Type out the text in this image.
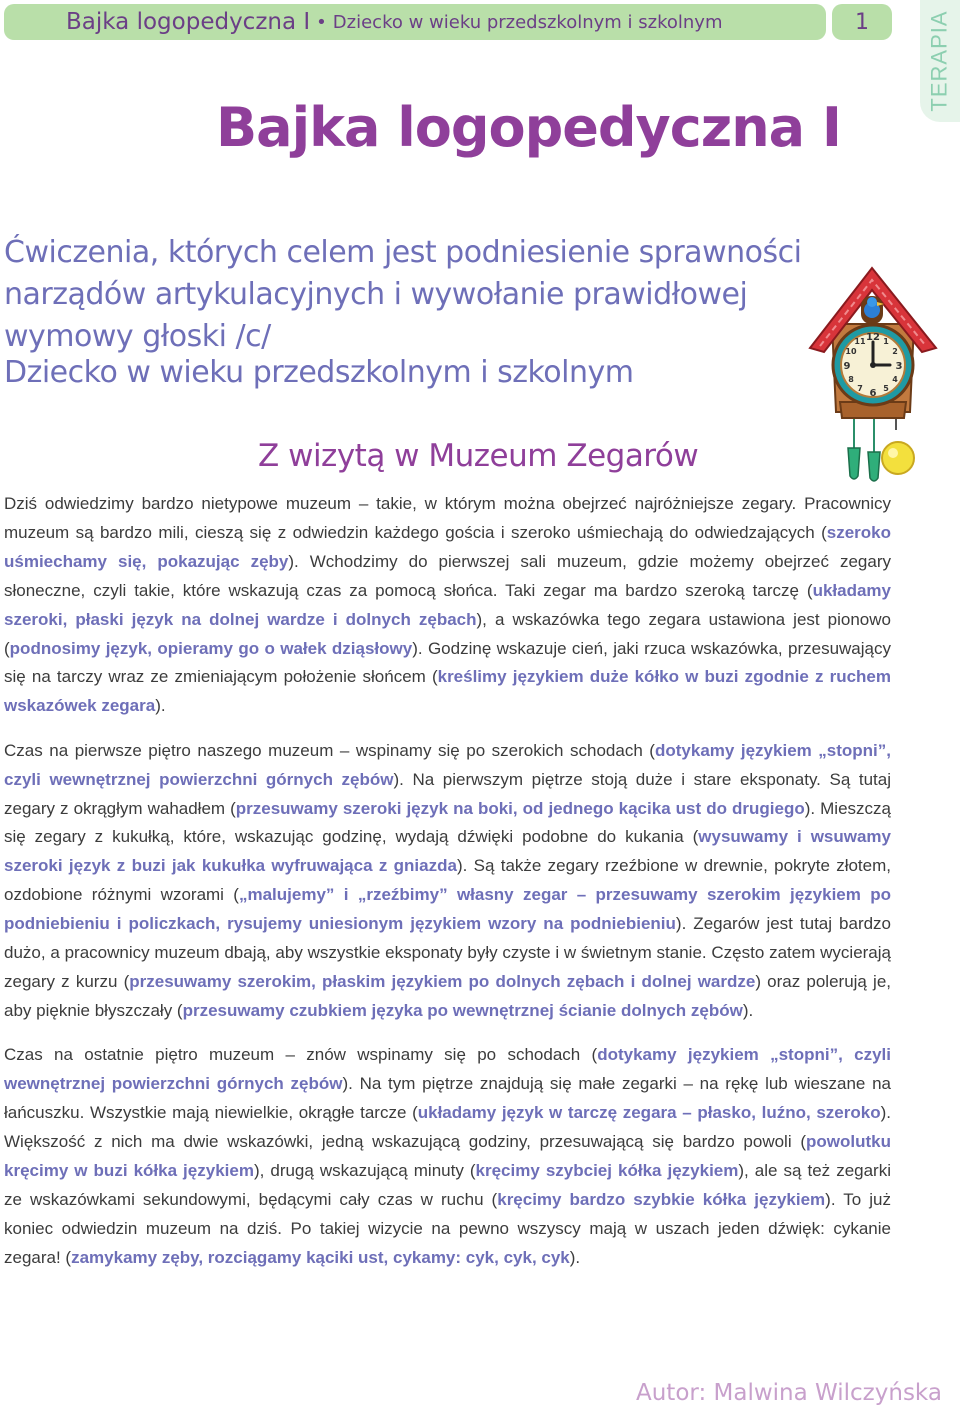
Bajka logopedyczna I • Dziecko w wieku przedszkolnym i szkolnym	1	TERAPIA
Bajka logopedyczna I
Ćwiczenia, których celem jest podniesienie sprawności narządów artykulacyjnych i wywołanie prawidłowej wymowy głoski /c/
Dziecko w wieku przedszkolnym i szkolnym
Z wizytą w Muzeum Zegarów
12 1
2
3
4
5
6
7
8
9
10
11

Dziś odwiedzimy bardzo nietypowe muzeum – takie, w którym można obejrzeć najróżniejsze zegary. Pracownicy muzeum są bardzo mili, cieszą się z odwiedzin każdego gościa i szeroko uśmiechają do odwiedzających (szeroko uśmiechamy się, pokazując zęby). Wchodzimy do pierwszej sali muzeum, gdzie możemy obejrzeć zegary słoneczne, czyli takie, które wskazują czas za pomocą słońca. Taki zegar ma bardzo szeroką tarczę (układamy szeroki, płaski język na dolnej wardze i dolnych zębach), a wskazówka tego zegara ustawiona jest pionowo (podnosimy język, opieramy go o wałek dziąsłowy). Godzinę wskazuje cień, jaki rzuca wskazówka, przesuwający się na tarczy wraz ze zmieniającym położenie słońcem (kreślimy językiem duże kółko w buzi zgodnie z ruchem wskazówek zegara).

Czas na pierwsze piętro naszego muzeum – wspinamy się po szerokich schodach (dotykamy językiem „stopni”, czyli wewnętrznej powierzchni górnych zębów). Na pierwszym piętrze stoją duże i stare eksponaty. Są tutaj zegary z okrągłym wahadłem (przesuwamy szeroki język na boki, od jednego kącika ust do drugiego). Mieszczą się zegary z kukułką, które, wskazując godzinę, wydają dźwięki podobne do kukania (wysuwamy i wsuwamy szeroki język z buzi jak kukułka wyfruwająca z gniazda). Są także zegary rzeźbione w drewnie, pokryte złotem, ozdobione różnymi wzorami („malujemy” i „rzeźbimy” własny zegar – przesuwamy szerokim językiem po podniebieniu i policzkach, rysujemy uniesionym językiem wzory na podniebieniu). Zegarów jest tutaj bardzo dużo, a pracownicy muzeum dbają, aby wszystkie eksponaty były czyste i w świetnym stanie. Często zatem wycierają zegary z kurzu (przesuwamy szerokim, płaskim językiem po dolnych zębach i dolnej wardze) oraz polerują je, aby pięknie błyszczały (przesuwamy czubkiem języka po wewnętrznej ścianie dolnych zębów).

Czas na ostatnie piętro muzeum – znów wspinamy się po schodach (dotykamy językiem „stopni”, czyli wewnętrznej powierzchni górnych zębów). Na tym piętrze znajdują się małe zegarki – na rękę lub wieszane na łańcuszku. Wszystkie mają niewielkie, okrągłe tarcze (układamy język w tarczę zegara – płasko, luźno, szeroko). Większość z nich ma dwie wskazówki, jedną wskazującą godziny, przesuwającą się bardzo powoli (powolutku kręcimy w buzi kółka językiem), drugą wskazującą minuty (kręcimy szybciej kółka językiem), ale są też zegarki ze wskazówkami sekundowymi, będącymi cały czas w ruchu (kręcimy bardzo szybkie kółka językiem). To już koniec odwiedzin muzeum na dziś. Po takiej wizycie na pewno wszyscy mają w uszach jeden dźwięk: cykanie zegara! (zamykamy zęby, rozciągamy kąciki ust, cykamy: cyk, cyk, cyk).

Autor: Malwina Wilczyńska
